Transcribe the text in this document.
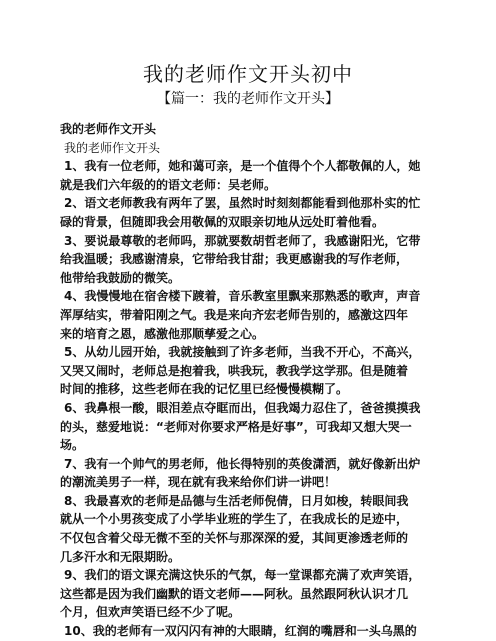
我的老师作文开头初中
【篇一：我的老师作文开头】
我的老师作文开头
我的老师作文开头
1、我有一位老师，她和蔼可亲，是一个值得个个人都敬佩的人，她
就是我们六年级的的语文老师：吴老师。
2、语文老师教我有两年了罢，虽然时时刻刻都能看到他那朴实的忙
碌的背景，但随即我会用敬佩的双眼亲切地从远处盯着他看。
3、要说最尊敬的老师吗，那就要数胡哲老师了，我感谢阳光，它带
给我温暖；我感谢清泉，它带给我甘甜；我更感谢我的写作老师，
他带给我鼓励的微笑。
4、我慢慢地在宿舍楼下踱着，音乐教室里飘来那熟悉的歌声，声音
浑厚结实，带着阳刚之气。我是来向齐宏老师告别的，感激这四年
来的培育之恩，感激他那顺孳爱之心。
5、从幼儿园开始，我就接触到了许多老师，当我不开心，不高兴，
又哭又闹时，老师总是抱着我，哄我玩，教我学这学那。但是随着
时间的推移，这些老师在我的记忆里已经慢慢模糊了。
6、我鼻根一酸，眼泪差点夺眶而出，但我竭力忍住了，爸爸摸摸我
的头，慈爱地说：“老师对你要求严格是好事”，可我却又想大哭一
场。
7、我有一个帅气的男老师，他长得特别的英俊潇洒，就好像新出炉
的潮流美男子一样，现在就有我来给你们讲一讲吧！
8、我最喜欢的老师是品德与生活老师倪倩，日月如梭，转眼间我
就从一个小男孩变成了小学毕业班的学生了，在我成长的足迹中，
不仅包含着父母无微不至的关怀与那深深的爱，其间更渗透老师的
几多汗水和无限期盼。
9、我们的语文课充满这快乐的气氛，每一堂课都充满了欢声笑语，
这些都是因为我们幽默的语文老师——阿秋。虽然跟阿秋认识才几
个月，但欢声笑语已经不少了呢。
10、我的老师有一双闪闪有神的大眼睛，红润的嘴唇和一头乌黑的
